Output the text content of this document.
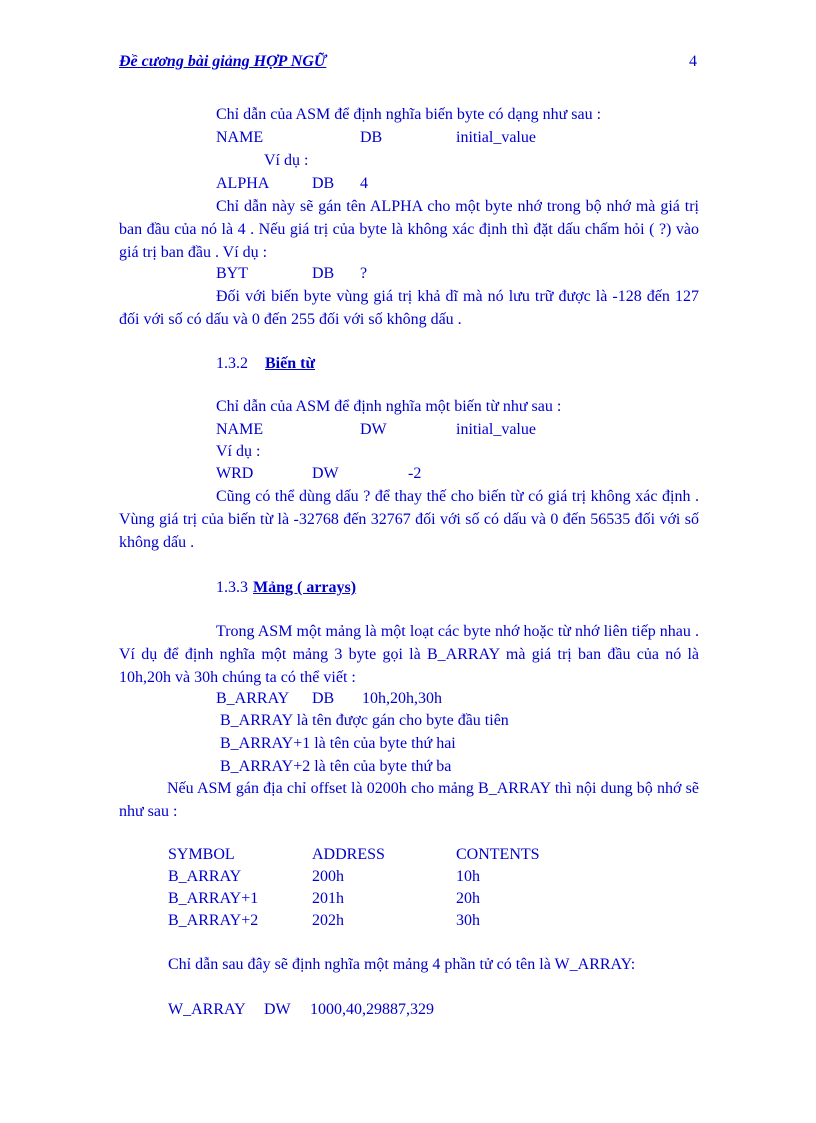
Đề cương bài giảng HỢP NGỮ	4
Chỉ dẫn của ASM để định nghĩa biến byte có dạng như sau :
NAME	DB	initial_value
Ví dụ :
ALPHA	DB 4
Chỉ dẫn này sẽ gán tên ALPHA cho một byte nhớ trong bộ nhớ mà giá trị ban đầu của nó là 4 . Nếu giá trị của byte là không xác định thì đặt dấu chấm hỏi ( ?) vào giá trị ban đầu . Ví dụ :
BYT	DB ?
Đối với biến byte vùng giá trị khả dĩ mà nó lưu trữ được là -128 đến 127 đối với số có dấu và 0 đến 255 đối với số không dấu .
1.3.2 Biến từ
Chỉ dẫn của ASM để định nghĩa một biến từ như sau :
NAME	DW	initial_value
Ví dụ :
WRD	DW	-2
Cũng có thể dùng dấu ? để thay thế cho biến từ có giá trị không xác định . Vùng giá trị của biến từ là -32768 đến 32767 đối với số có dấu và 0 đến 56535 đối với số không dấu .
1.3.3 Mảng ( arrays)
Trong ASM một mảng là một loạt các byte nhớ hoặc từ nhớ liên tiếp nhau . Ví dụ để định nghĩa một mảng 3 byte gọi là B_ARRAY mà giá trị ban đầu của nó là 10h,20h và 30h chúng ta có thể viết :
B_ARRAY DB 10h,20h,30h
B_ARRAY là tên được gán cho byte đầu tiên
B_ARRAY+1 là tên của byte thứ hai
B_ARRAY+2 là tên của byte thứ ba
Nếu ASM gán địa chỉ offset là 0200h cho mảng B_ARRAY thì nội dung bộ nhớ sẽ như sau :
SYMBOL	ADDRESS	CONTENTS
B_ARRAY	200h	10h
B_ARRAY+1	201h	20h
B_ARRAY+2	202h	30h
Chỉ dẫn sau đây sẽ định nghĩa một mảng 4 phần tử có tên là W_ARRAY:
W_ARRAY DW 1000,40,29887,329
